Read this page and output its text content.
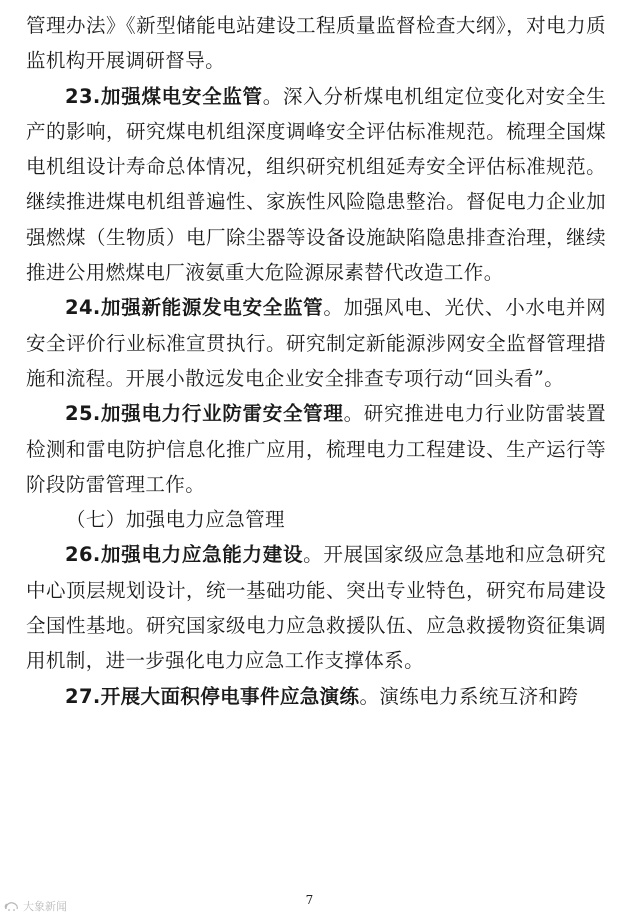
管理办法》《新型储能电站建设工程质量监督检查大纲》，对电力质监机构开展调研督导。

23.加强煤电安全监管。深入分析煤电机组定位变化对安全生产的影响，研究煤电机组深度调峰安全评估标准规范。梳理全国煤电机组设计寿命总体情况，组织研究机组延寿安全评估标准规范。继续推进煤电机组普遍性、家族性风险隐患整治。督促电力企业加强燃煤（生物质）电厂除尘器等设备设施缺陷隐患排查治理，继续推进公用燃煤电厂液氨重大危险源尿素替代改造工作。

24.加强新能源发电安全监管。加强风电、光伏、小水电并网安全评价行业标准宣贯执行。研究制定新能源涉网安全监督管理措施和流程。开展小散远发电企业安全排查专项行动“回头看”。

25.加强电力行业防雷安全管理。研究推进电力行业防雷装置检测和雷电防护信息化推广应用，梳理电力工程建设、生产运行等阶段防雷管理工作。

（七）加强电力应急管理

26.加强电力应急能力建设。开展国家级应急基地和应急研究中心顶层规划设计，统一基础功能、突出专业特色，研究布局建设全国性基地。研究国家级电力应急救援队伍、应急救援物资征集调用机制，进一步强化电力应急工作支撑体系。

27.开展大面积停电事件应急演练。演练电力系统互济和跨

7
大象新闻
